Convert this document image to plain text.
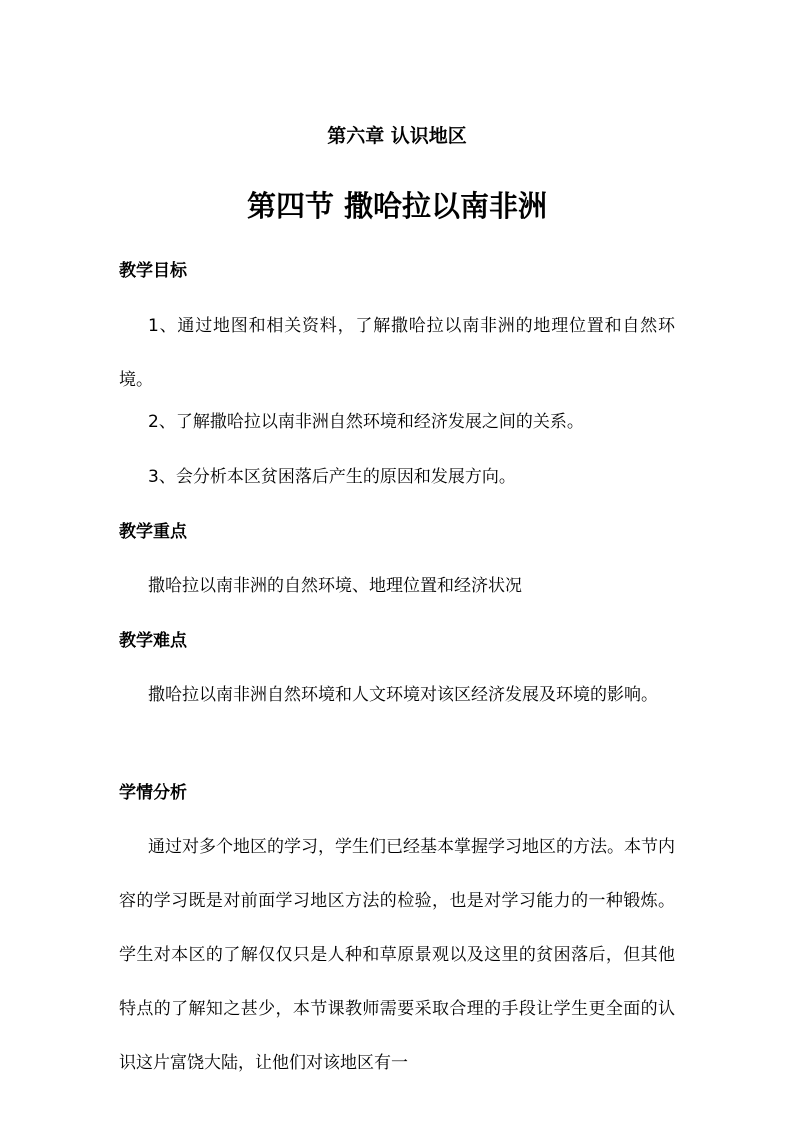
第六章 认识地区
第四节 撒哈拉以南非洲
教学目标

1、通过地图和相关资料，了解撒哈拉以南非洲的地理位置和自然环境。

2、了解撒哈拉以南非洲自然环境和经济发展之间的关系。

3、会分析本区贫困落后产生的原因和发展方向。

教学重点

撒哈拉以南非洲的自然环境、地理位置和经济状况

教学难点

撒哈拉以南非洲自然环境和人文环境对该区经济发展及环境的影响。

学情分析

通过对多个地区的学习，学生们已经基本掌握学习地区的方法。本节内容的学习既是对前面学习地区方法的检验，也是对学习能力的一种锻炼。学生对本区的了解仅仅只是人种和草原景观以及这里的贫困落后，但其他特点的了解知之甚少，本节课教师需要采取合理的手段让学生更全面的认识这片富饶大陆，让他们对该地区有一
